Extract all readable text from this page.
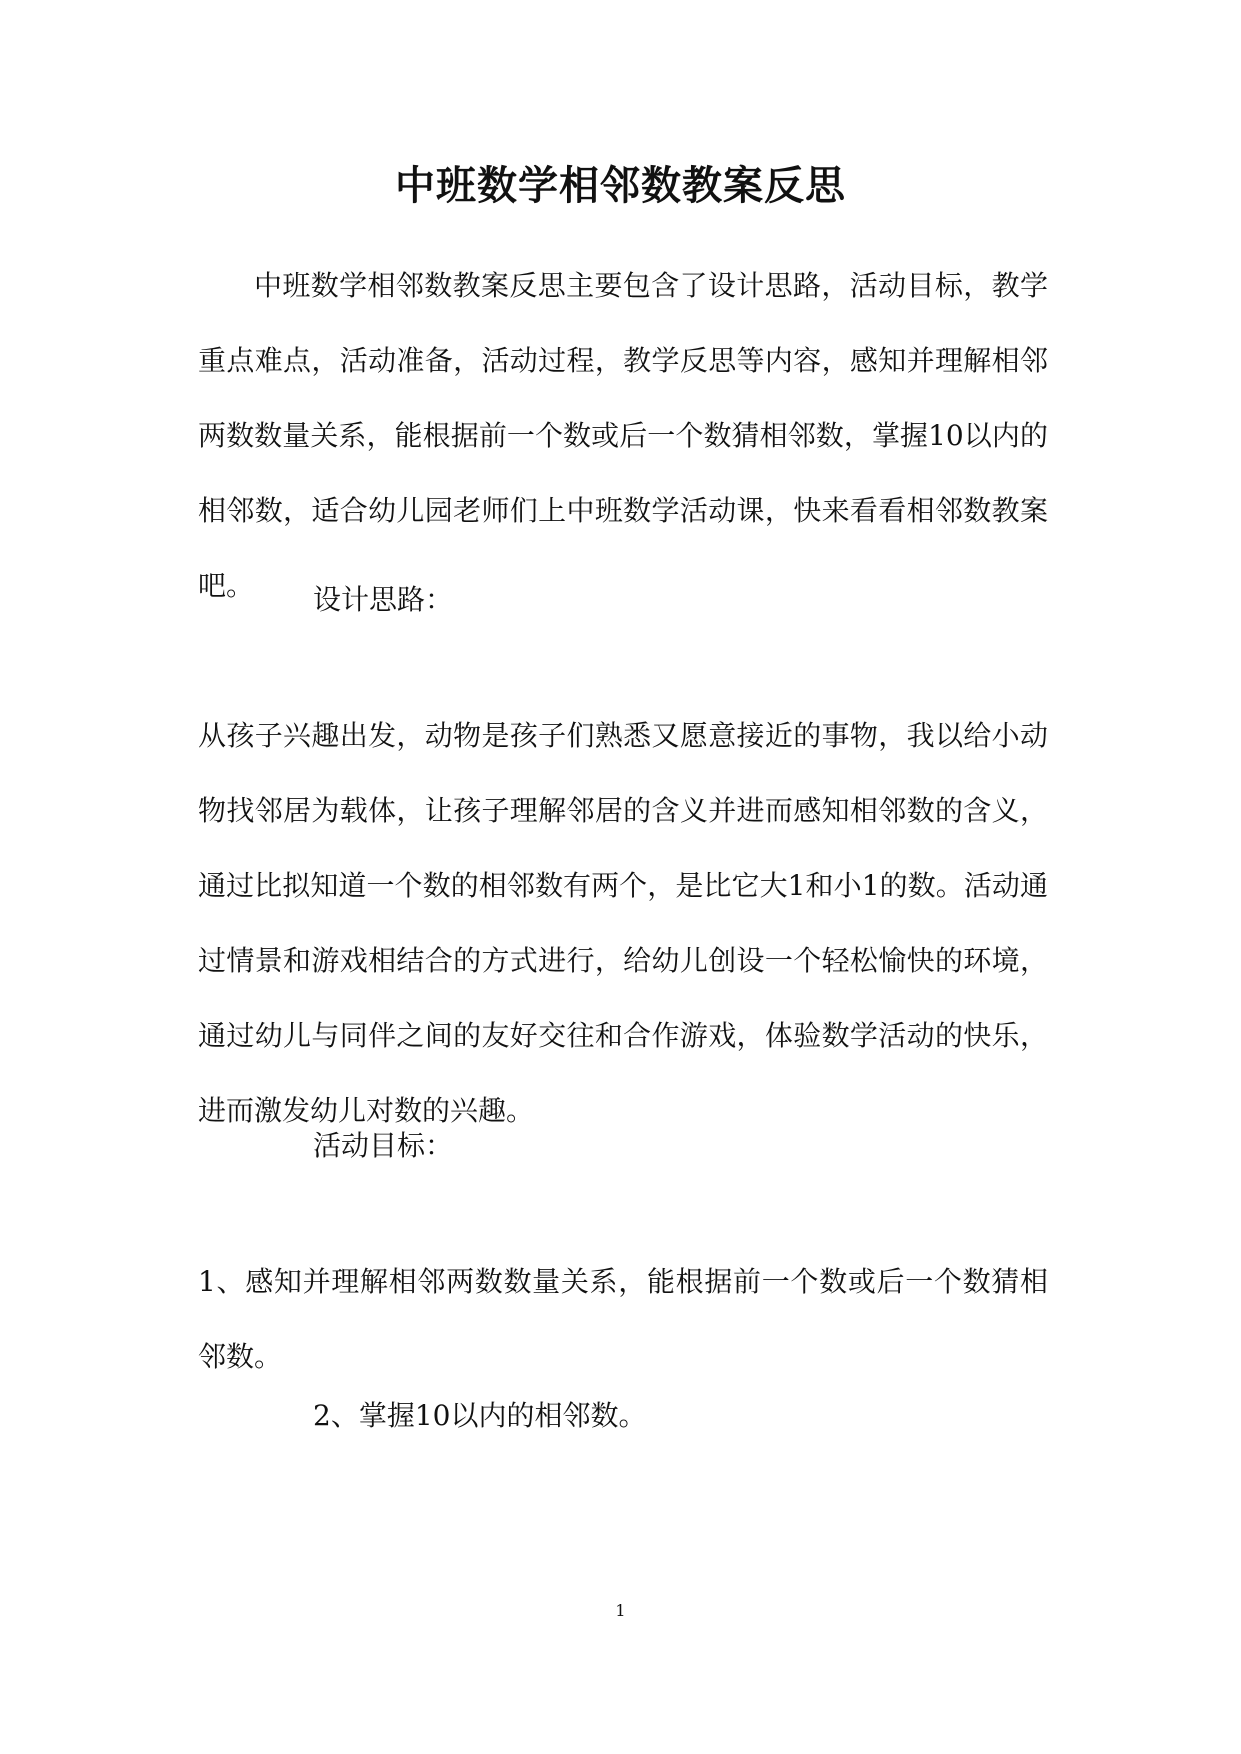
中班数学相邻数教案反思
中班数学相邻数教案反思主要包含了设计思路，活动目标，教学重点难点，活动准备，活动过程，教学反思等内容，感知并理解相邻两数数量关系，能根据前一个数或后一个数猜相邻数，掌握10以内的相邻数，适合幼儿园老师们上中班数学活动课，快来看看相邻数教案吧。	设计思路：
从孩子兴趣出发，动物是孩子们熟悉又愿意接近的事物，我以给小动物找邻居为载体，让孩子理解邻居的含义并进而感知相邻数的含义，通过比拟知道一个数的相邻数有两个，是比它大1和小1的数。活动通过情景和游戏相结合的方式进行，给幼儿创设一个轻松愉快的环境，通过幼儿与同伴之间的友好交往和合作游戏，体验数学活动的快乐，进而激发幼儿对数的兴趣。
活动目标：
1、感知并理解相邻两数数量关系，能根据前一个数或后一个数猜相邻数。
2、掌握10以内的相邻数。
1
